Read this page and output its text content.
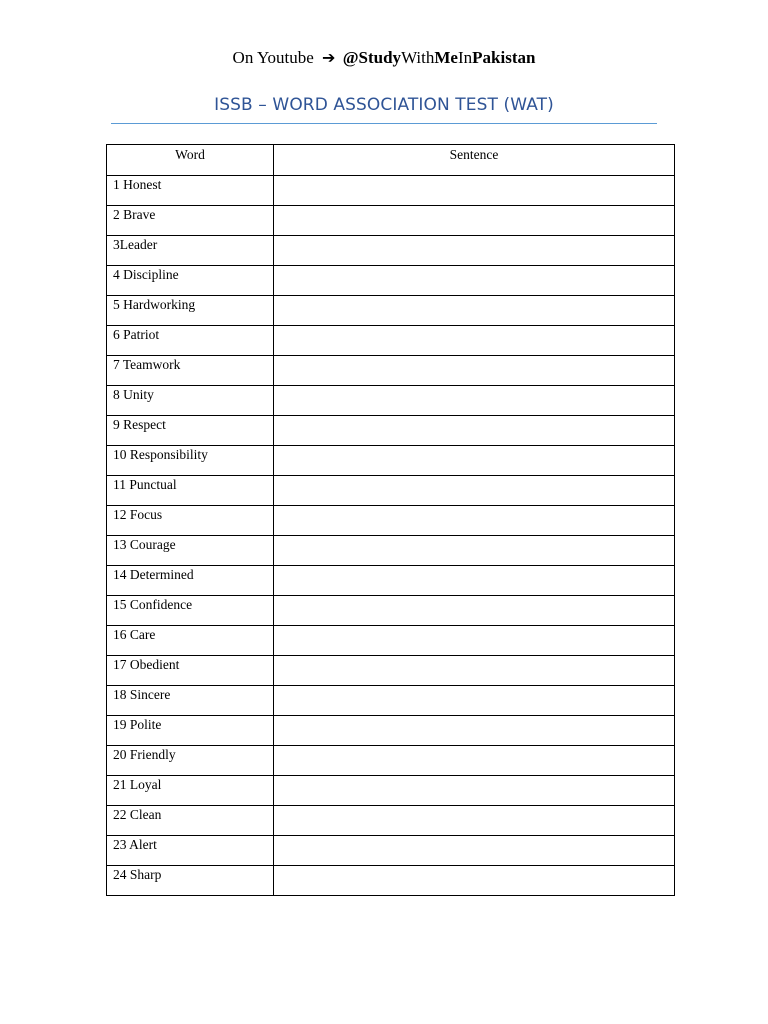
On Youtube ➔ @StudyWithMeInPakistan
ISSB – WORD ASSOCIATION TEST (WAT)
Word	Sentence
1 Honest	
2 Brave	
3Leader	
4 Discipline	
5 Hardworking	
6 Patriot	
7 Teamwork	
8 Unity	
9 Respect	
10 Responsibility	
11 Punctual	
12 Focus	
13 Courage	
14 Determined	
15 Confidence	
16 Care	
17 Obedient	
18 Sincere	
19 Polite	
20 Friendly	
21 Loyal	
22 Clean	
23 Alert	
24 Sharp	
